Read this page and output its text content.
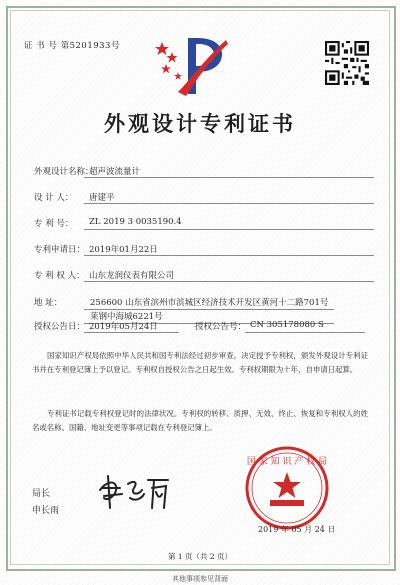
证 书 号 第5201933号
外观设计专利证书
外观设计名称：
超声波流量计
设 计 人： 唐建平
专 利 号： ZL 2019 3 0035190.4
专利申请日： 2019年01月22日
专 利 权 人： 山东龙润仪表有限公司
地 址：	256600 山东省滨州市滨城区经济技术开发区黄河十二路701号莱钢中海城6221号
授权公告日： 2019年05月24日	授权公告号： CN 305178080 S
国家知识产权局依照中华人民共和国专利法经过初步审查，决定授予专利权，颁发外观设计专利证书并在专利登记簿上予以登记。专利权自授权公告之日起生效。专利权期限为十年，自申请日起算。
专利证书记载专利权登记时的法律状况。专利权的转移、质押、无效、终止、恢复和专利权人的姓名或名称、国籍、地址变更等事项记载在专利登记簿上。
局长
申长雨
国 家 知 识 产 权 局
2019 年 05 月 24 日
第 1 页（共 2 页）
其他事项参见背面
